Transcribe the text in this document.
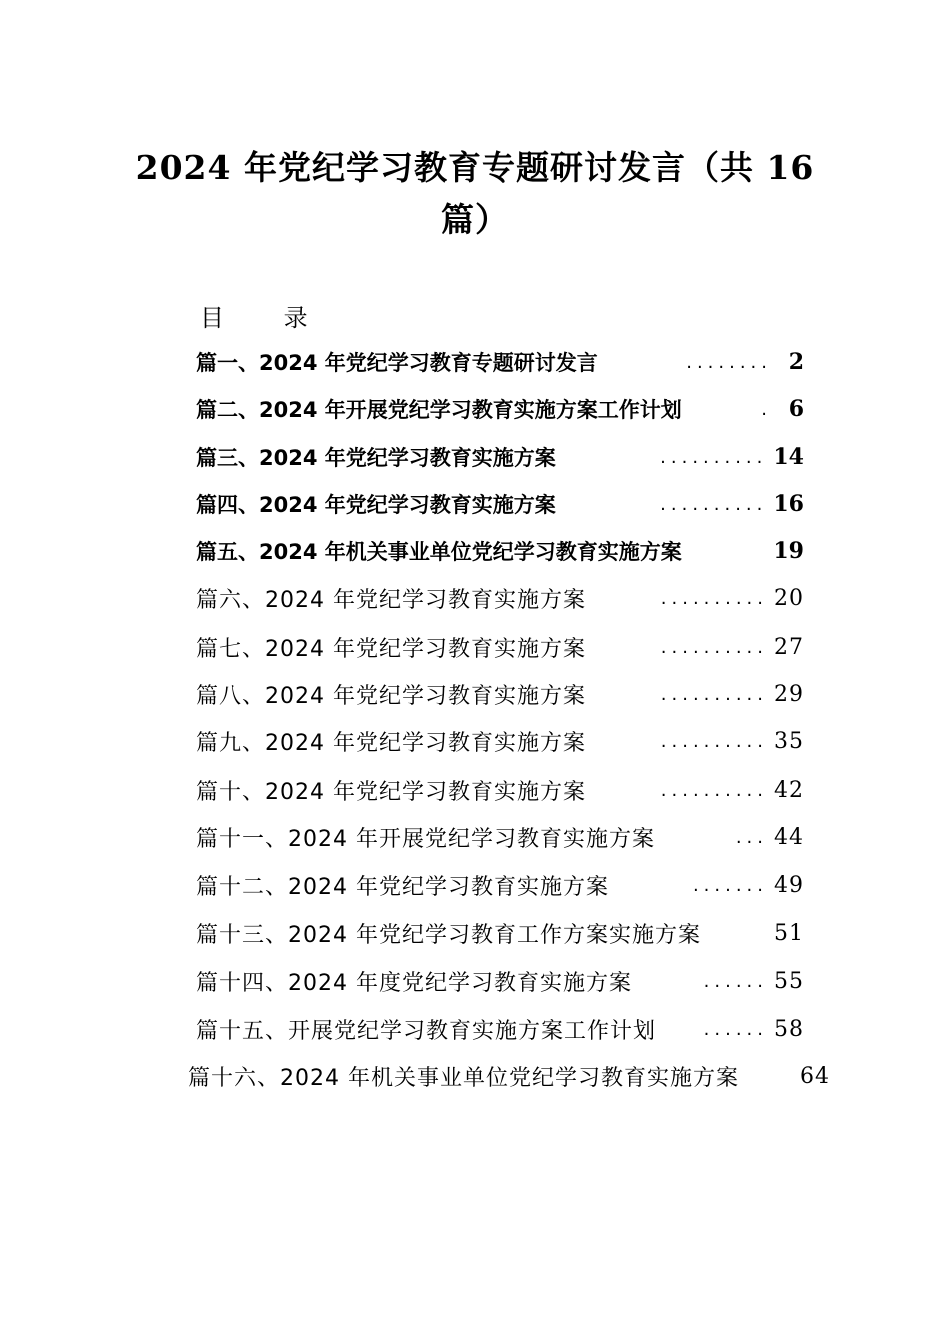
2024 年党纪学习教育专题研讨发言（共 16
篇）
目 录
篇一、2024 年党纪学习教育专题研讨发言	........ 2
篇二、2024 年开展党纪学习教育实施方案工作计划	. 6
篇三、2024 年党纪学习教育实施方案	.......... 14
篇四、2024 年党纪学习教育实施方案	.......... 16
篇五、2024 年机关事业单位党纪学习教育实施方案	19
篇六、2024 年党纪学习教育实施方案	.......... 20
篇七、2024 年党纪学习教育实施方案	.......... 27
篇八、2024 年党纪学习教育实施方案	.......... 29
篇九、2024 年党纪学习教育实施方案	.......... 35
篇十、2024 年党纪学习教育实施方案	.......... 42
篇十一、2024 年开展党纪学习教育实施方案	... 44
篇十二、2024 年党纪学习教育实施方案	....... 49
篇十三、2024 年党纪学习教育工作方案实施方案	51
篇十四、2024 年度党纪学习教育实施方案	...... 55
篇十五、开展党纪学习教育实施方案工作计划	...... 58
篇十六、2024 年机关事业单位党纪学习教育实施方案	64
